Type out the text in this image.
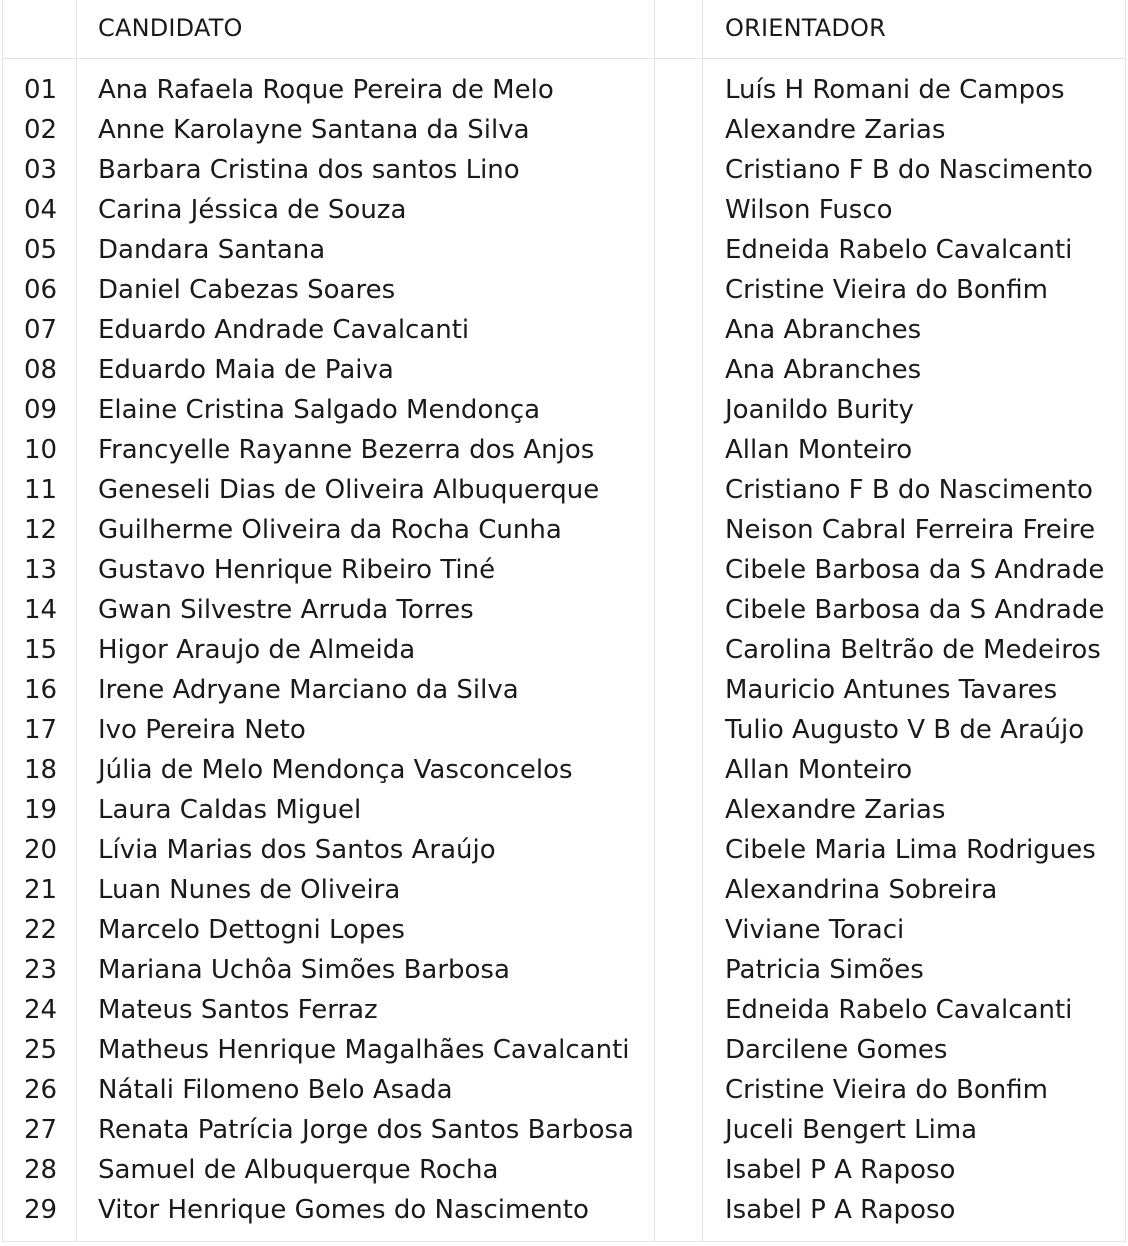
CANDIDATO	ORIENTADOR
01 Ana Rafaela Roque Pereira de Melo	Luís H Romani de Campos
02 Anne Karolayne Santana da Silva	Alexandre Zarias
03 Barbara Cristina dos santos Lino	Cristiano F B do Nascimento
04 Carina Jéssica de Souza	Wilson Fusco
05 Dandara Santana	Edneida Rabelo Cavalcanti
06 Daniel Cabezas Soares	Cristine Vieira do Bonfim
07 Eduardo Andrade Cavalcanti	Ana Abranches
08 Eduardo Maia de Paiva	Ana Abranches
09 Elaine Cristina Salgado Mendonça	Joanildo Burity
10 Francyelle Rayanne Bezerra dos Anjos	Allan Monteiro
11 Geneseli Dias de Oliveira Albuquerque	Cristiano F B do Nascimento
12 Guilherme Oliveira da Rocha Cunha	Neison Cabral Ferreira Freire
13 Gustavo Henrique Ribeiro Tiné	Cibele Barbosa da S Andrade
14 Gwan Silvestre Arruda Torres	Cibele Barbosa da S Andrade
15 Higor Araujo de Almeida	Carolina Beltrão de Medeiros
16 Irene Adryane Marciano da Silva	Mauricio Antunes Tavares
17 Ivo Pereira Neto	Tulio Augusto V B de Araújo
18 Júlia de Melo Mendonça Vasconcelos	Allan Monteiro
19 Laura Caldas Miguel	Alexandre Zarias
20 Lívia Marias dos Santos Araújo	Cibele Maria Lima Rodrigues
21 Luan Nunes de Oliveira	Alexandrina Sobreira
22 Marcelo Dettogni Lopes	Viviane Toraci
23 Mariana Uchôa Simões Barbosa	Patricia Simões
24 Mateus Santos Ferraz	Edneida Rabelo Cavalcanti
25 Matheus Henrique Magalhães Cavalcanti	Darcilene Gomes
26 Nátali Filomeno Belo Asada	Cristine Vieira do Bonfim
27 Renata Patrícia Jorge dos Santos Barbosa	Juceli Bengert Lima
28 Samuel de Albuquerque Rocha	Isabel P A Raposo
29 Vitor Henrique Gomes do Nascimento	Isabel P A Raposo
